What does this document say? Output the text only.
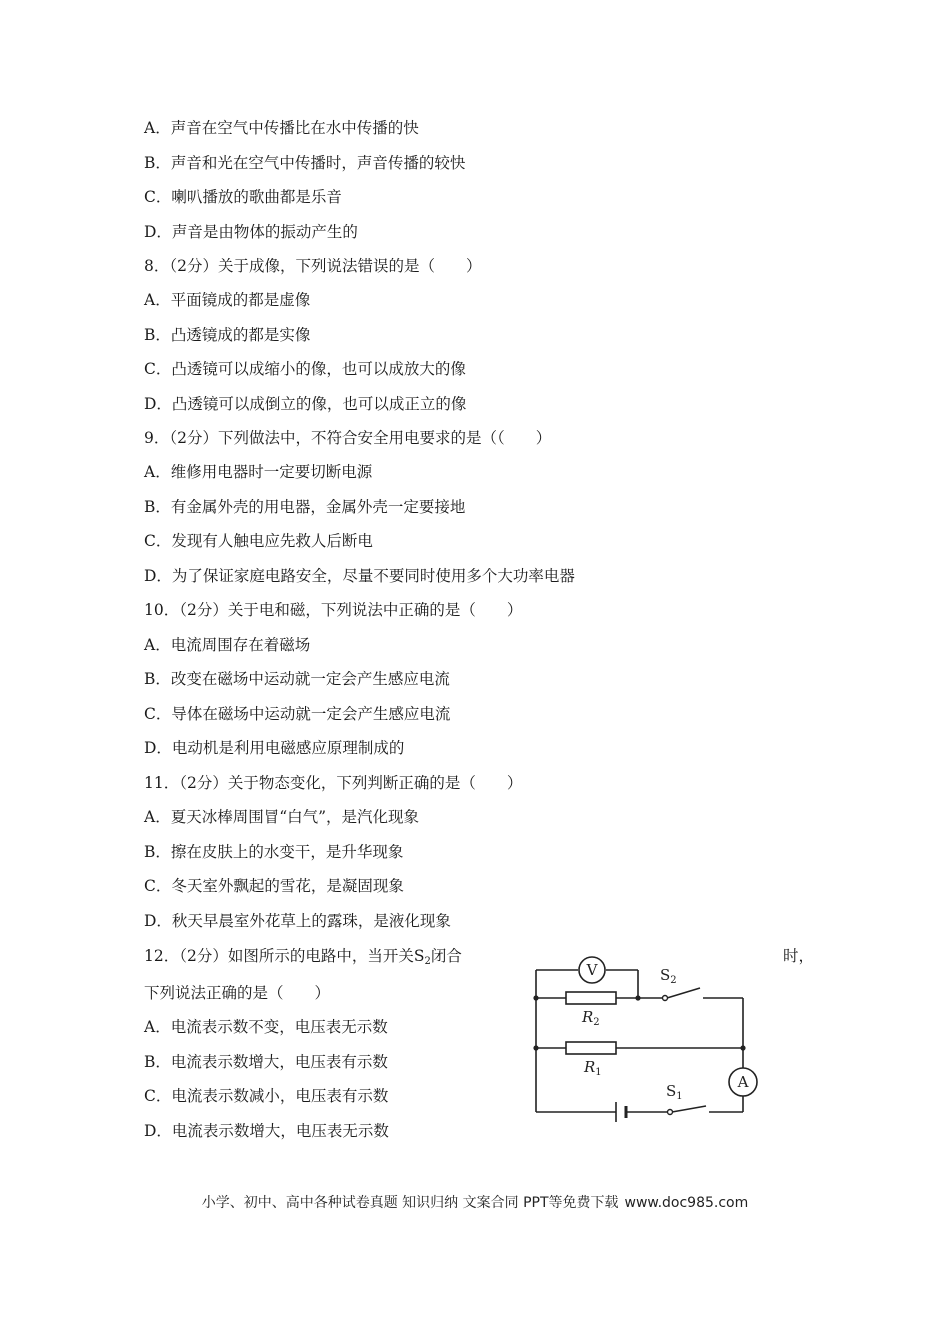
A．声音在空气中传播比在水中传播的快
B．声音和光在空气中传播时，声音传播的较快
C．喇叭播放的歌曲都是乐音
D．声音是由物体的振动产生的
8．（2分）关于成像，下列说法错误的是（　　）
A．平面镜成的都是虚像
B．凸透镜成的都是实像
C．凸透镜可以成缩小的像，也可以成放大的像
D．凸透镜可以成倒立的像，也可以成正立的像
9．（2分）下列做法中，不符合安全用电要求的是（（　　）
A．维修用电器时一定要切断电源
B．有金属外壳的用电器，金属外壳一定要接地
C．发现有人触电应先救人后断电
D．为了保证家庭电路安全，尽量不要同时使用多个大功率电器
10．（2分）关于电和磁，下列说法中正确的是（　　）
A．电流周围存在着磁场
B．改变在磁场中运动就一定会产生感应电流
C．导体在磁场中运动就一定会产生感应电流
D．电动机是利用电磁感应原理制成的
11．（2分）关于物态变化，下列判断正确的是（　　）
A．夏天冰棒周围冒“白气”，是汽化现象
B．擦在皮肤上的水变干，是升华现象
C．冬天室外飘起的雪花，是凝固现象
D．秋天早晨室外花草上的露珠，是液化现象
12．（2分）如图所示的电路中，当开关$S_2$闭合	时，
下列说法正确的是（　　）
A．电流表示数不变，电压表无示数
B．电流表示数增大，电压表有示数
C．电流表示数减小，电压表有示数
D．电流表示数增大，电压表无示数
V
$R_2$
$S_2$
$R_1$
A
$S_1$
小学、初中、高中各种试卷真题 知识归纳 文案合同 PPT等免费下载 www.doc985.com
